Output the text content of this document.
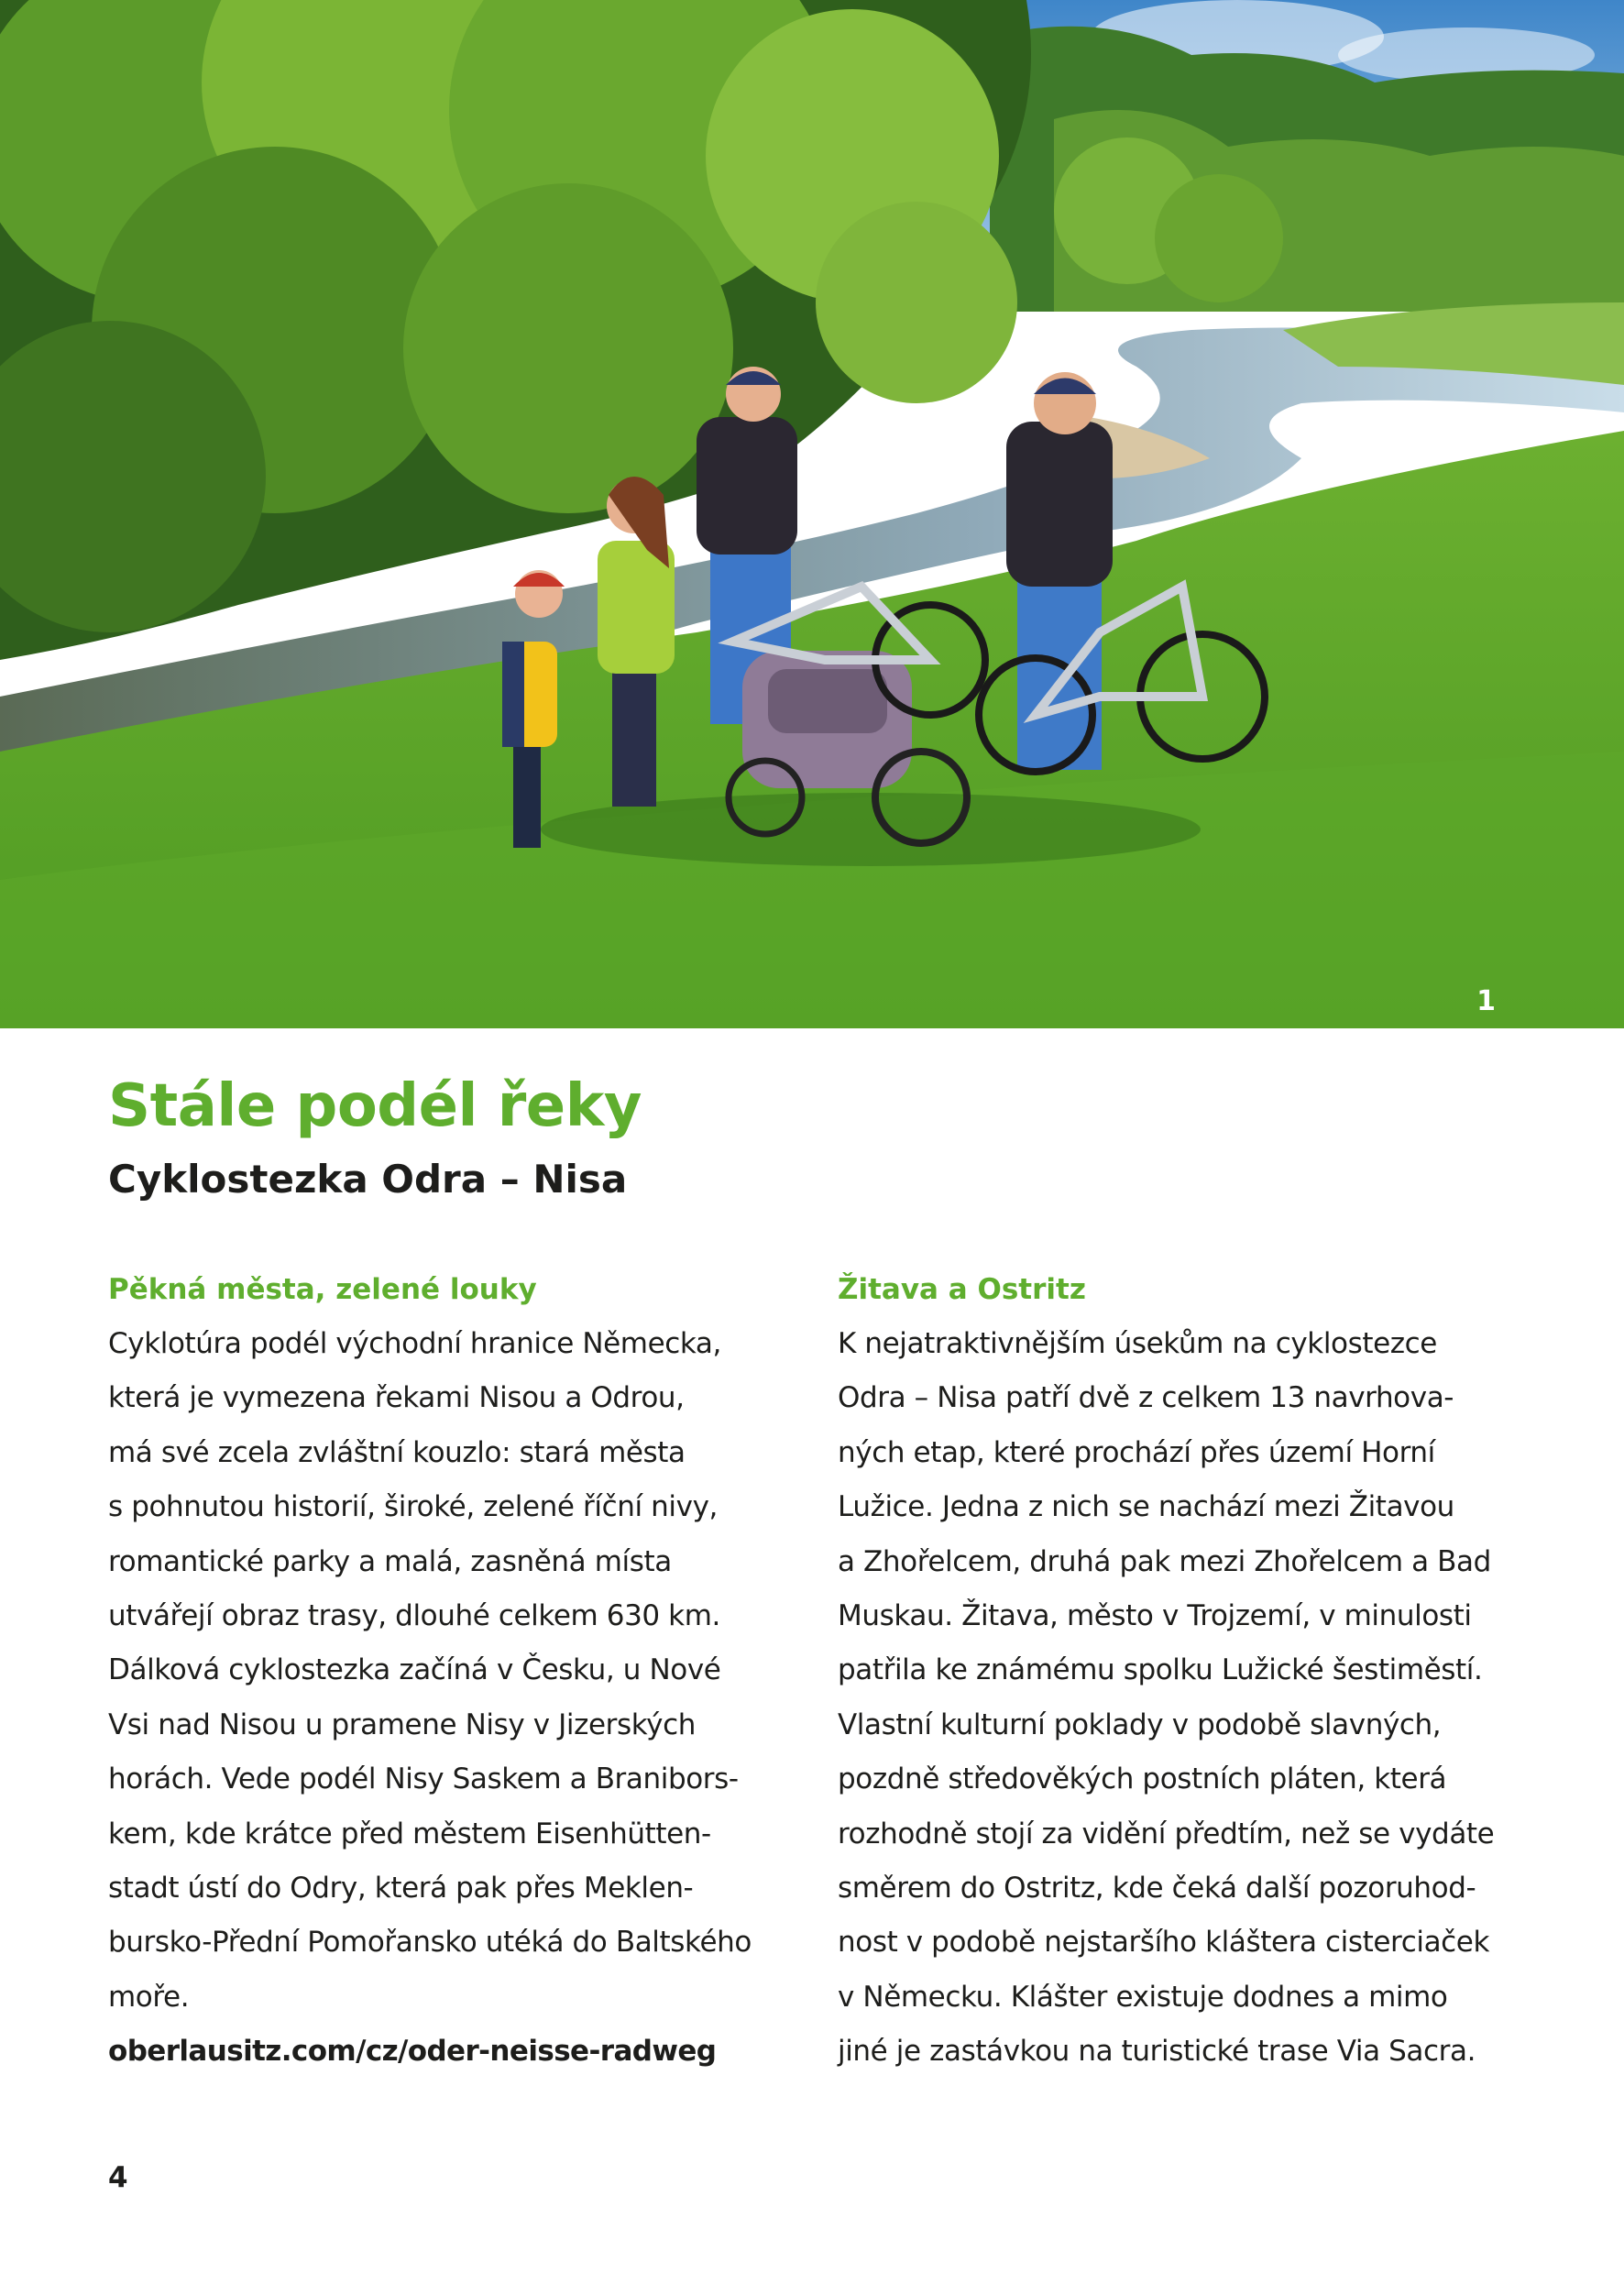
1
Stále podél řeky
Cyklostezka Odra – Nisa

Pěkná města, zelené louky

Cyklotúra podél východní hranice Německa,

která je vymezena řekami Nisou a Odrou,

má své zcela zvláštní kouzlo: stará města

s pohnutou historií, široké, zelené říční nivy,

romantické parky a malá, zasněná místa

utvářejí obraz trasy, dlouhé celkem 630 km.

Dálková cyklostezka začíná v Česku, u Nové

Vsi nad Nisou u pramene Nisy v Jizerských

horách. Vede podél Nisy Saskem a Branibors-

kem, kde krátce před městem Eisenhütten-

stadt ústí do Odry, která pak přes Meklen-

bursko-Přední Pomořansko utéká do Baltského

moře.

oberlausitz.com/cz/oder-neisse-radweg

Žitava a Ostritz

K nejatraktivnějším úsekům na cyklostezce

Odra – Nisa patří dvě z celkem 13 navrhova-

ných etap, které prochází přes území Horní

Lužice. Jedna z nich se nachází mezi Žitavou

a Zhořelcem, druhá pak mezi Zhořelcem a Bad

Muskau. Žitava, město v Trojzemí, v minulosti

patřila ke známému spolku Lužické šestiměstí.

Vlastní kulturní poklady v podobě slavných,

pozdně středověkých postních pláten, která

rozhodně stojí za vidění předtím, než se vydáte

směrem do Ostritz, kde čeká další pozoruhod-

nost v podobě nejstaršího kláštera cisterciaček

v Německu. Klášter existuje dodnes a mimo

jiné je zastávkou na turistické trase Via Sacra.

4
